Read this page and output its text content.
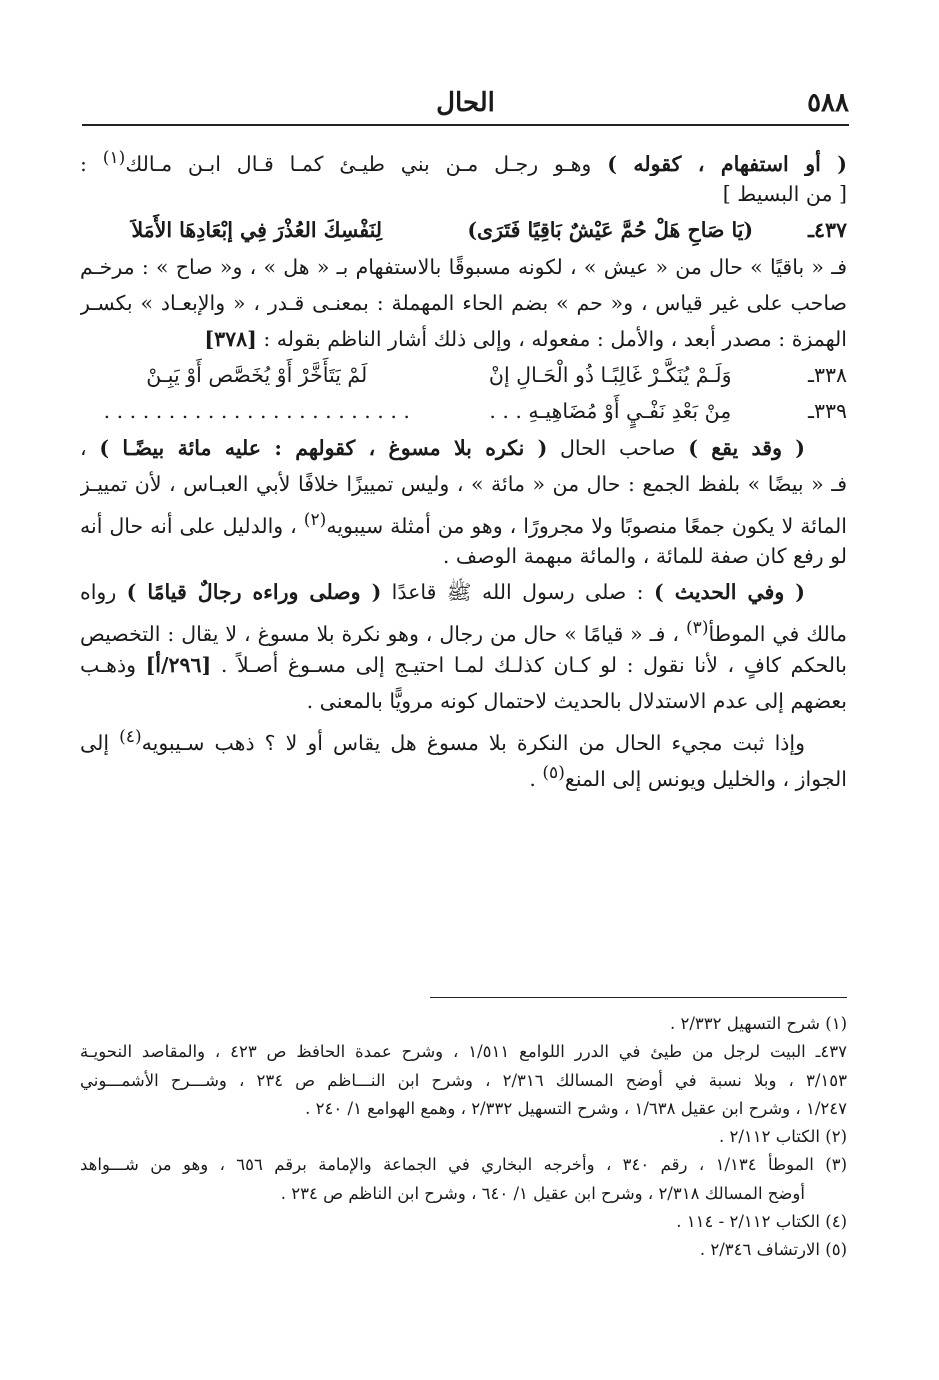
٥٨٨
الحال
( أو استفهام ، كقوله ) وهـو رجـل مـن بني طيـئ كمـا قـال ابـن مـالك$^{(١)}$ :
[ من البسيط ]
٤٣٧ـ
(يَا صَاحِ هَلْ حُمَّ عَيْشٌ بَاقِيًا فَتَرَى)
لِنَفْسِكَ العُذْرَ فِي إبْعَادِهَا الأَمَلاَ
فـ « باقيًا » حال من « عيش » ، لكونه مسبوقًا بالاستفهام بـ « هل » ، و« صاح » : مرخـم
صاحب على غير قياس ، و« حم » بضم الحاء المهملة : بمعنـى قـدر ، « والإبعـاد » بكسـر
الهمزة : مصدر أبعد ، والأمل : مفعوله ، وإلى ذلك أشار الناظم بقوله : [٣٧٨]
٣٣٨ـ
وَلَـمْ يُنَكَّـرْ غَالِبًـا ذُو الْحَـالِ إنْ
لَمْ يَتَأَخَّرْ أَوْ يُخَصَّص أَوْ يَبِـنْ
٣٣٩ـ
مِنْ بَعْدِ نَفْـيٍ أَوْ مُضَاهِيـهِ . . .
. . . . . . . . . . . . . . . . . . . . . . . .
( وقد يقع ) صاحب الحال ( نكره بلا مسوغ ، كقولهم : عليه مائة بيضًـا ) ،
فـ « بيضًا » بلفظ الجمع : حال من « مائة » ، وليس تمييزًا خلافًا لأبي العبـاس ، لأن تمييـز
المائة لا يكون جمعًا منصوبًا ولا مجرورًا ، وهو من أمثلة سيبويه$^{(٢)}$ ، والدليل على أنه حال أنه
لو رفع كان صفة للمائة ، والمائة مبهمة الوصف .
( وفي الحديث ) : صلى رسول الله ﷺ قاعدًا ( وصلى وراءه رجالٌ قيامًا ) رواه
مالك في الموطأ$^{(٣)}$ ، فـ « قيامًا » حال من رجال ، وهو نكرة بلا مسوغ ، لا يقال : التخصيص
بالحكم كافٍ ، لأنا نقول : لو كـان كذلـك لمـا احتيـج إلى مسـوغ أصـلاً . [٢٩٦/أ] وذهـب
بعضهم إلى عدم الاستدلال بالحديث لاحتمال كونه مرويًّا بالمعنى .
وإذا ثبت مجيء الحال من النكرة بلا مسوغ هل يقاس أو لا ؟ ذهب سـيبويه$^{(٤)}$ إلى
الجواز ، والخليل ويونس إلى المنع$^{(٥)}$ .
(١) شرح التسهيل ٢/٣٣٢ .
٤٣٧ـ البيت لرجل من طيئ في الدرر اللوامع ١/٥١١ ، وشرح عمدة الحافظ ص ٤٢٣ ، والمقاصد النحويـة
٣/١٥٣ ، وبلا نسبة في أوضح المسالك ٢/٣١٦ ، وشرح ابن النـــاظم ص ٢٣٤ ، وشـــرح الأشمـــوني
١/٢٤٧ ، وشرح ابن عقيل ١/٦٣٨ ، وشرح التسهيل ٢/٣٣٢ ، وهمع الهوامع ١/ ٢٤٠ .
(٢) الكتاب ٢/١١٢ .
(٣) الموطأ ١/١٣٤ ، رقم ٣٤٠ ، وأخرجه البخاري في الجماعة والإمامة برقم ٦٥٦ ، وهو من شـــواهد
أوضح المسالك ٢/٣١٨ ، وشرح ابن عقيل ١/ ٦٤٠ ، وشرح ابن الناظم ص ٢٣٤ .
(٤) الكتاب ٢/١١٢ - ١١٤ .
(٥) الارتشاف ٢/٣٤٦ .
